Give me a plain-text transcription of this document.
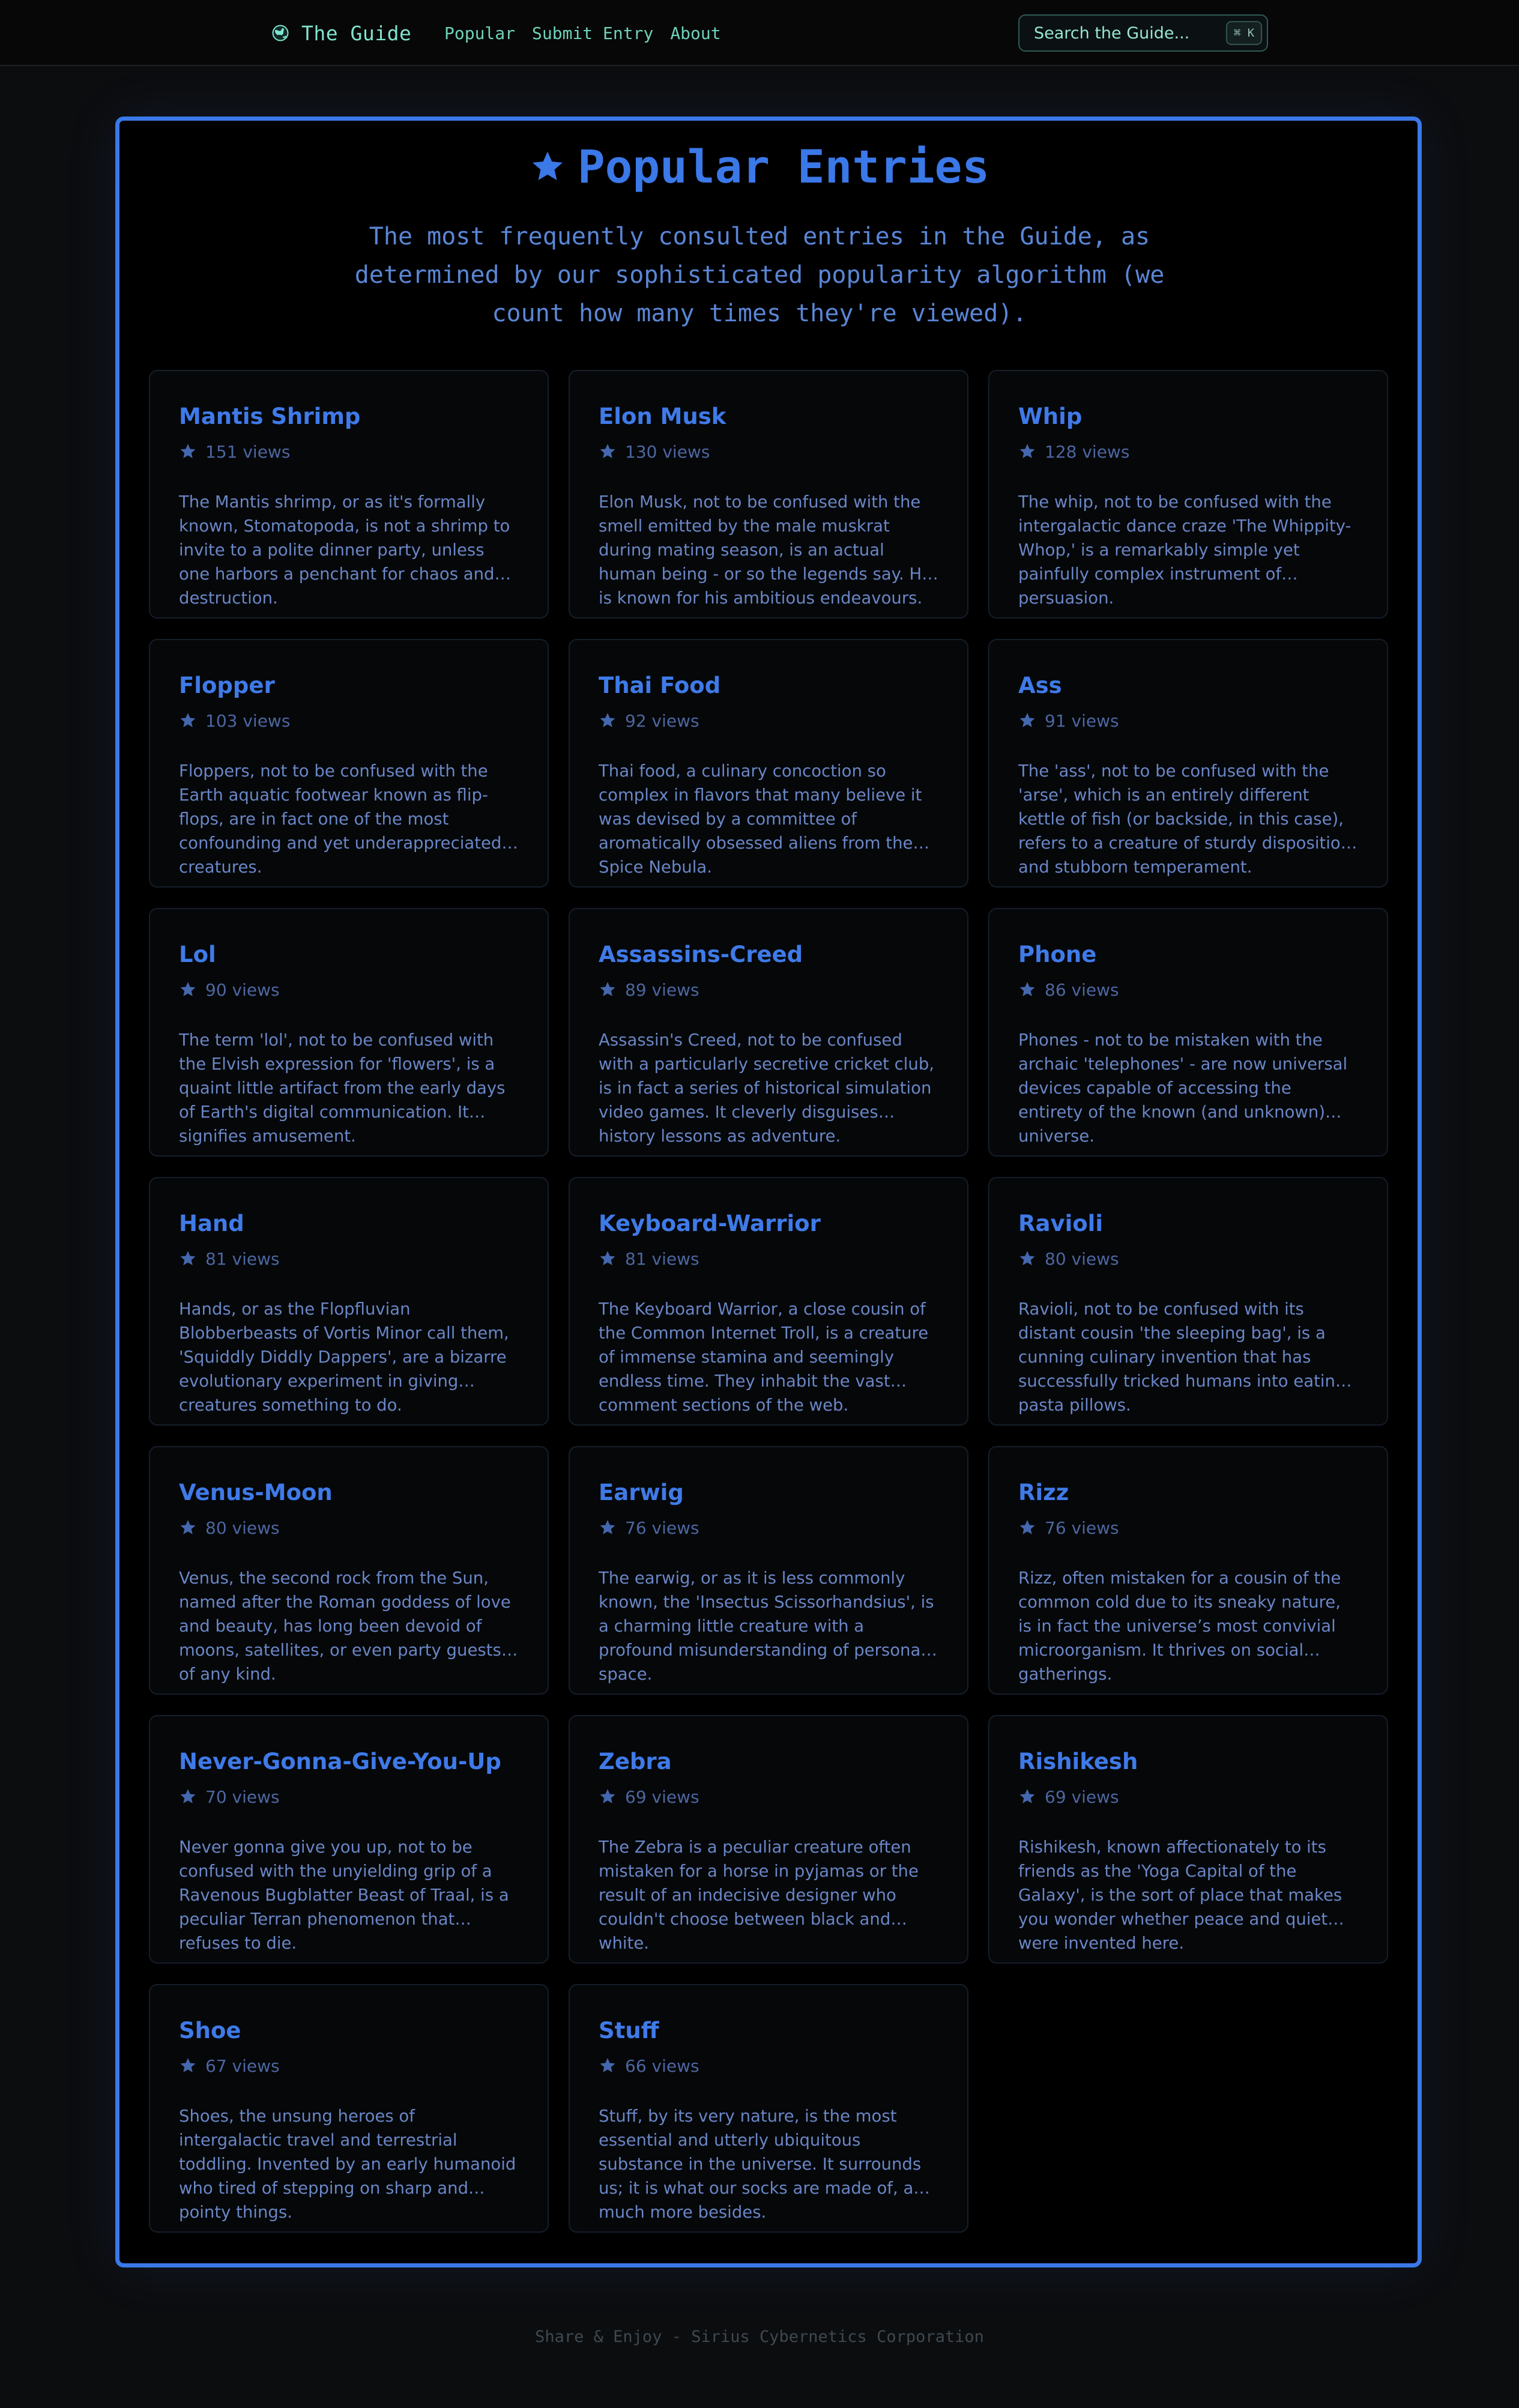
The Guide Popular Submit Entry About	Search the Guide...	⌘ K
Popular Entries
The most frequently consulted entries in the Guide, as determined by our sophisticated popularity algorithm (we count how many times they're viewed).
Mantis Shrimp
151 views
The Mantis shrimp, or as it's formally known, Stomatopoda, is not a shrimp to invite to a polite dinner party, unless one harbors a penchant for chaos and destruction.
Elon Musk
130 views
Elon Musk, not to be confused with the smell emitted by the male muskrat during mating season, is an actual human being - or so the legends say. He is known for his ambitious endeavours.
Whip
128 views
The whip, not to be confused with the intergalactic dance craze 'The Whippity-Whop,' is a remarkably simple yet painfully complex instrument of persuasion.
Flopper
103 views
Floppers, not to be confused with the Earth aquatic footwear known as flip-flops, are in fact one of the most confounding and yet underappreciated creatures.
Thai Food
92 views
Thai food, a culinary concoction so complex in flavors that many believe it was devised by a committee of aromatically obsessed aliens from the Spice Nebula.
Ass
91 views
The 'ass', not to be confused with the 'arse', which is an entirely different kettle of fish (or backside, in this case), refers to a creature of sturdy disposition and stubborn temperament.
Lol
90 views
The term 'lol', not to be confused with the Elvish expression for 'flowers', is a quaint little artifact from the early days of Earth's digital communication. It signifies amusement.
Assassins-Creed
89 views
Assassin's Creed, not to be confused with a particularly secretive cricket club, is in fact a series of historical simulation video games. It cleverly disguises history lessons as adventure.
Phone
86 views
Phones - not to be mistaken with the archaic 'telephones' - are now universal devices capable of accessing the entirety of the known (and unknown) universe.
Hand
81 views
Hands, or as the Flopfluvian Blobberbeasts of Vortis Minor call them, 'Squiddly Diddly Dappers', are a bizarre evolutionary experiment in giving creatures something to do.
Keyboard-Warrior
81 views
The Keyboard Warrior, a close cousin of the Common Internet Troll, is a creature of immense stamina and seemingly endless time. They inhabit the vast comment sections of the web.
Ravioli
80 views
Ravioli, not to be confused with its distant cousin 'the sleeping bag', is a cunning culinary invention that has successfully tricked humans into eating pasta pillows.
Venus-Moon
80 views
Venus, the second rock from the Sun, named after the Roman goddess of love and beauty, has long been devoid of moons, satellites, or even party guests of any kind.
Earwig
76 views
The earwig, or as it is less commonly known, the 'Insectus Scissorhandsius', is a charming little creature with a profound misunderstanding of personal space.
Rizz
76 views
Rizz, often mistaken for a cousin of the common cold due to its sneaky nature, is in fact the universe’s most convivial microorganism. It thrives on social gatherings.
Never-Gonna-Give-You-Up
70 views
Never gonna give you up, not to be confused with the unyielding grip of a Ravenous Bugblatter Beast of Traal, is a peculiar Terran phenomenon that refuses to die.
Zebra
69 views
The Zebra is a peculiar creature often mistaken for a horse in pyjamas or the result of an indecisive designer who couldn't choose between black and white.
Rishikesh
69 views
Rishikesh, known affectionately to its friends as the 'Yoga Capital of the Galaxy', is the sort of place that makes you wonder whether peace and quiet were invented here.
Shoe
67 views
Shoes, the unsung heroes of intergalactic travel and terrestrial toddling. Invented by an early humanoid who tired of stepping on sharp and pointy things.
Stuff
66 views
Stuff, by its very nature, is the most essential and utterly ubiquitous substance in the universe. It surrounds us; it is what our socks are made of, and much more besides.
Share & Enjoy - Sirius Cybernetics Corporation
